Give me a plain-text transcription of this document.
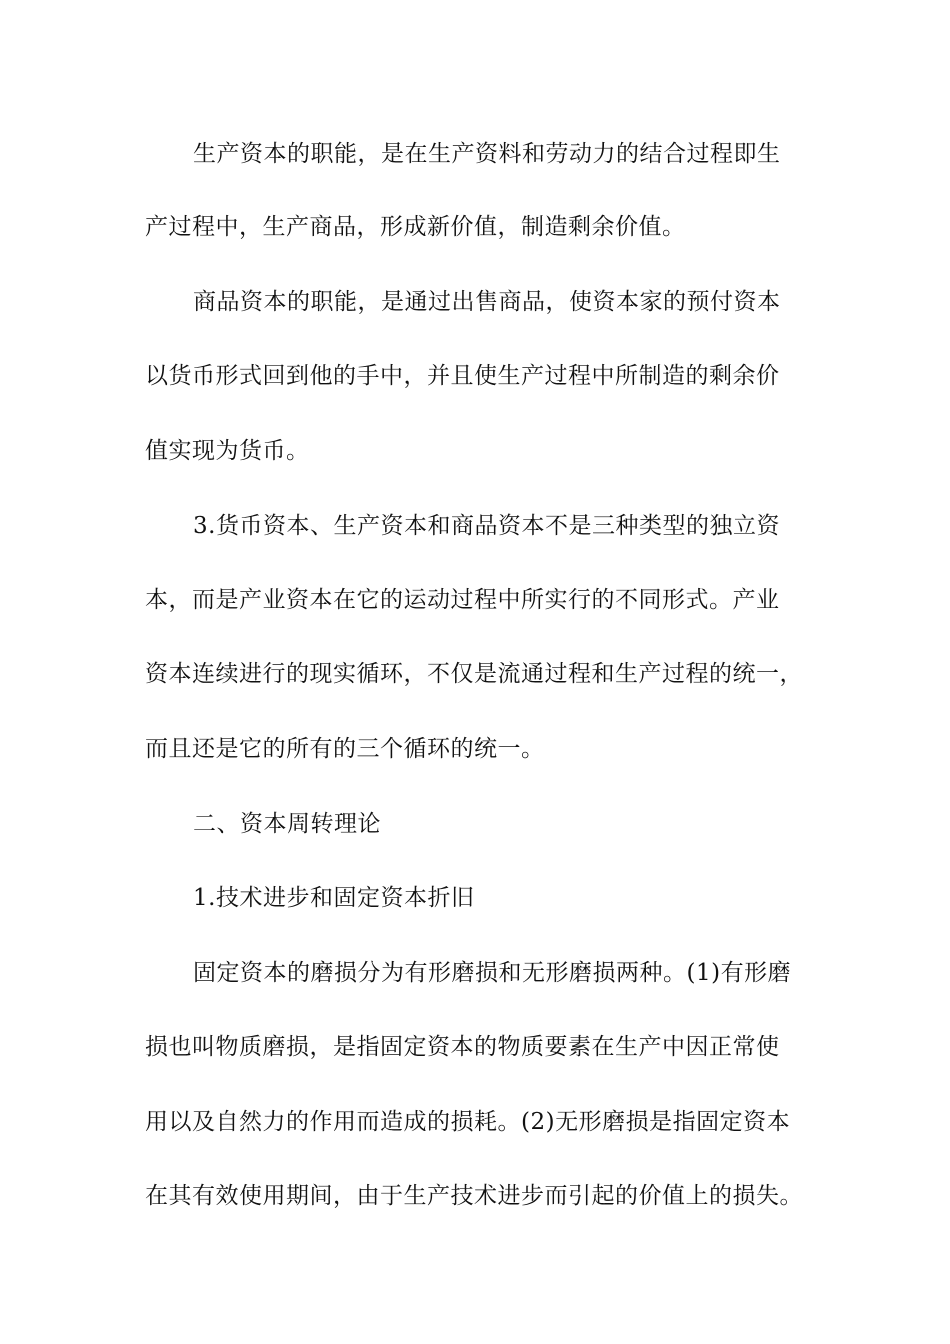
生产资本的职能，是在生产资料和劳动力的结合过程即生
产过程中，生产商品，形成新价值，制造剩余价值。
商品资本的职能，是通过出售商品，使资本家的预付资本
以货币形式回到他的手中，并且使生产过程中所制造的剩余价
值实现为货币。
3.货币资本、生产资本和商品资本不是三种类型的独立资
本，而是产业资本在它的运动过程中所实行的不同形式。产业
资本连续进行的现实循环，不仅是流通过程和生产过程的统一，
而且还是它的所有的三个循环的统一。
二、资本周转理论
1.技术进步和固定资本折旧
固定资本的磨损分为有形磨损和无形磨损两种。(1)有形磨
损也叫物质磨损，是指固定资本的物质要素在生产中因正常使
用以及自然力的作用而造成的损耗。(2)无形磨损是指固定资本
在其有效使用期间，由于生产技术进步而引起的价值上的损失。
